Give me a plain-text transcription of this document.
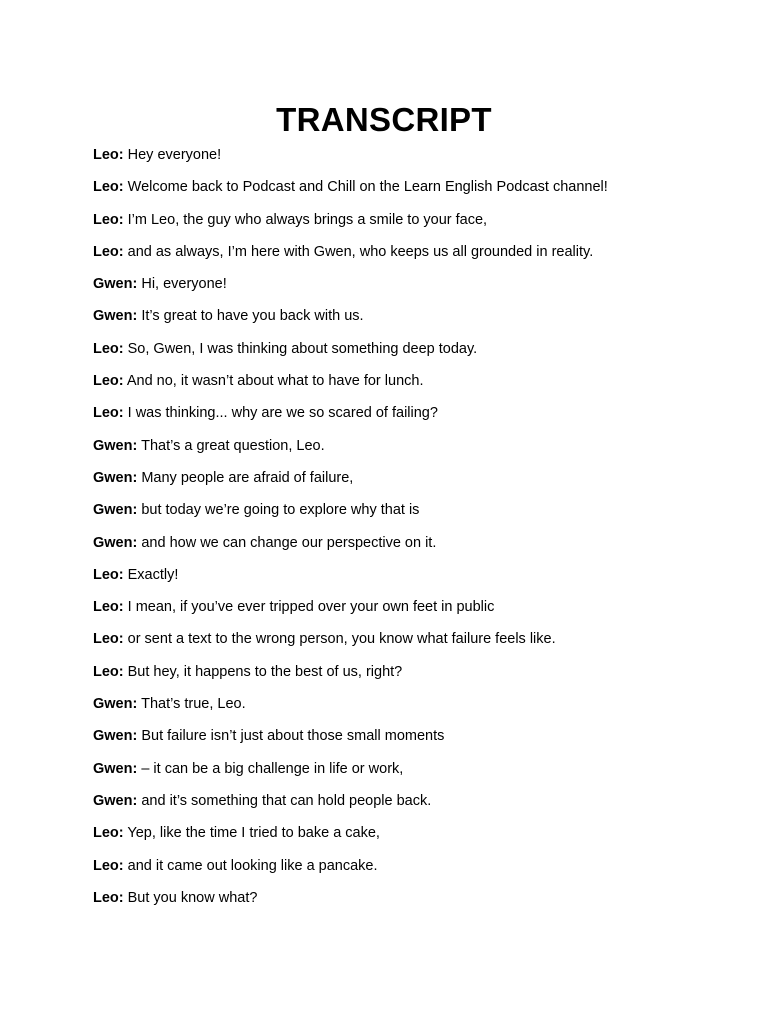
TRANSCRIPT
Leo: Hey everyone!
Leo: Welcome back to Podcast and Chill on the Learn English Podcast channel!
Leo: I’m Leo, the guy who always brings a smile to your face,
Leo: and as always, I’m here with Gwen, who keeps us all grounded in reality.
Gwen: Hi, everyone!
Gwen: It’s great to have you back with us.
Leo: So, Gwen, I was thinking about something deep today.
Leo: And no, it wasn’t about what to have for lunch.
Leo: I was thinking... why are we so scared of failing?
Gwen: That’s a great question, Leo.
Gwen: Many people are afraid of failure,
Gwen: but today we’re going to explore why that is
Gwen: and how we can change our perspective on it.
Leo: Exactly!
Leo: I mean, if you’ve ever tripped over your own feet in public
Leo: or sent a text to the wrong person, you know what failure feels like.
Leo: But hey, it happens to the best of us, right?
Gwen: That’s true, Leo.
Gwen: But failure isn’t just about those small moments
Gwen: – it can be a big challenge in life or work,
Gwen: and it’s something that can hold people back.
Leo: Yep, like the time I tried to bake a cake,
Leo: and it came out looking like a pancake.
Leo: But you know what?
